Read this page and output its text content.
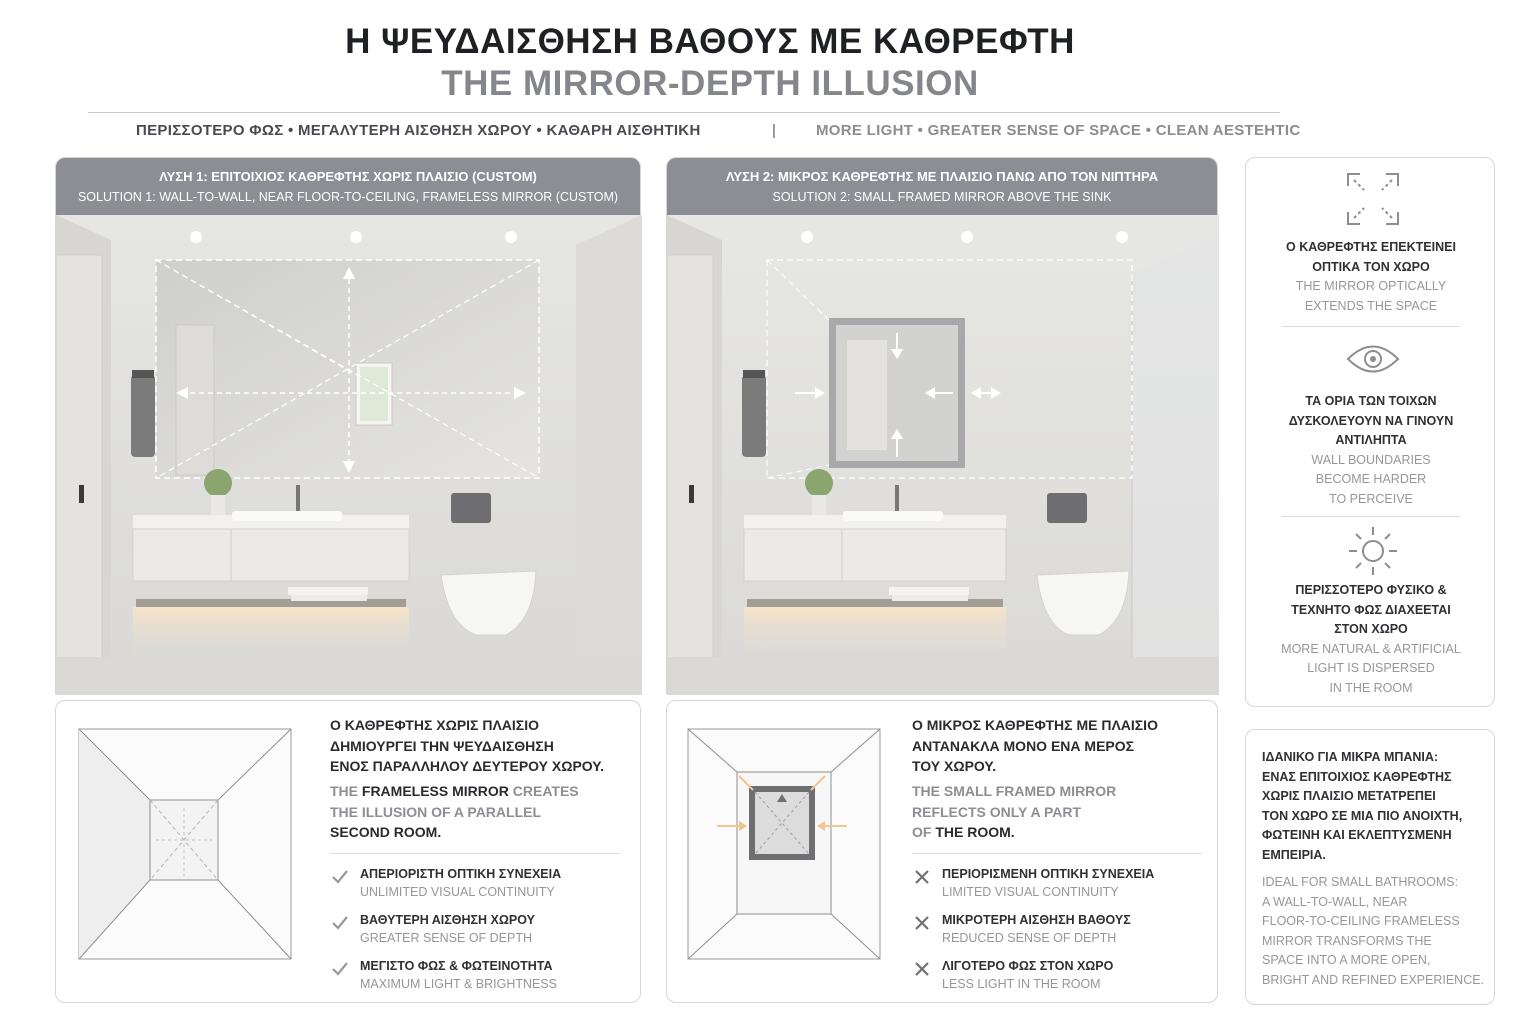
Η ΨΕΥΔΑΙΣΘΗΣΗ ΒΑΘΟΥΣ ΜΕ ΚΑΘΡΕΦΤΗ
THE MIRROR-DEPTH ILLUSION
ΠΕΡΙΣΣΟΤΕΡΟ ΦΩΣ • ΜΕΓΑΛΥΤΕΡΗ ΑΙΣΘΗΣΗ ΧΩΡΟΥ • ΚΑΘΑΡΗ ΑΙΣΘΗΤΙΚΗ	|	MORE LIGHT • GREATER SENSE OF SPACE • CLEAN AESTEHTIC
ΛΥΣΗ 1: ΕΠΙΤΟΙΧΙΟΣ ΚΑΘΡΕΦΤΗΣ ΧΩΡΙΣ ΠΛΑΙΣΙΟ (CUSTOM)
SOLUTION 1: WALL-TO-WALL, NEAR FLOOR-TO-CEILING, FRAMELESS MIRROR (CUSTOM)
Ο ΚΑΘΡΕΦΤΗΣ ΧΩΡΙΣ ΠΛΑΙΣΙΟ
ΔΗΜΙΟΥΡΓΕΙ ΤΗΝ ΨΕΥΔΑΙΣΘΗΣΗ
ΕΝΟΣ ΠΑΡΑΛΛΗΛΟΥ ΔΕΥΤΕΡΟΥ ΧΩΡΟΥ.
THE FRAMELESS MIRROR CREATES
THE ILLUSION OF A PARALLEL
SECOND ROOM.
ΑΠΕΡΙΟΡΙΣΤΗ ΟΠΤΙΚΗ ΣΥΝΕΧΕΙΑ
UNLIMITED VISUAL CONTINUITY
ΒΑΘΥΤΕΡΗ ΑΙΣΘΗΣΗ ΧΩΡΟΥ
GREATER SENSE OF DEPTH
ΜΕΓΙΣΤΟ ΦΩΣ & ΦΩΤΕΙΝΟΤΗΤΑ
MAXIMUM LIGHT & BRIGHTNESS
ΛΥΣΗ 2: ΜΙΚΡΟΣ ΚΑΘΡΕΦΤΗΣ ΜΕ ΠΛΑΙΣΙΟ ΠΑΝΩ ΑΠΟ ΤΟΝ ΝΙΠΤΗΡΑ
SOLUTION 2: SMALL FRAMED MIRROR ABOVE THE SINK
Ο ΜΙΚΡΟΣ ΚΑΘΡΕΦΤΗΣ ΜΕ ΠΛΑΙΣΙΟ
ΑΝΤΑΝΑΚΛΑ ΜΟΝΟ ΕΝΑ ΜΕΡΟΣ
ΤΟΥ ΧΩΡΟΥ.
THE SMALL FRAMED MIRROR
REFLECTS ONLY A PART
OF THE ROOM.
ΠΕΡΙΟΡΙΣΜΕΝΗ ΟΠΤΙΚΗ ΣΥΝΕΧΕΙΑ
LIMITED VISUAL CONTINUITY
ΜΙΚΡΟΤΕΡΗ ΑΙΣΘΗΣΗ ΒΑΘΟΥΣ
REDUCED SENSE OF DEPTH
ΛΙΓΟΤΕΡΟ ΦΩΣ ΣΤΟΝ ΧΩΡΟ
LESS LIGHT IN THE ROOM
Ο ΚΑΘΡΕΦΤΗΣ ΕΠΕΚΤΕΙΝΕΙ
ΟΠΤΙΚΑ ΤΟΝ ΧΩΡΟ
THE MIRROR OPTICALLY
EXTENDS THE SPACE
ΤΑ ΟΡΙΑ ΤΩΝ ΤΟΙΧΩΝ
ΔΥΣΚΟΛΕΥΟΥΝ ΝΑ ΓΙΝΟΥΝ
ΑΝΤΙΛΗΠΤΑ
WALL BOUNDARIES
BECOME HARDER
TO PERCEIVE
ΠΕΡΙΣΣΟΤΕΡΟ ΦΥΣΙΚΟ &
ΤΕΧΝΗΤΟ ΦΩΣ ΔΙΑΧΕΕΤΑΙ
ΣΤΟΝ ΧΩΡΟ
MORE NATURAL & ARTIFICIAL
LIGHT IS DISPERSED
IN THE ROOM
ΙΔΑΝΙΚΟ ΓΙΑ ΜΙΚΡΑ ΜΠΑΝΙΑ:
ΕΝΑΣ ΕΠΙΤΟΙΧΙΟΣ ΚΑΘΡΕΦΤΗΣ
ΧΩΡΙΣ ΠΛΑΙΣΙΟ ΜΕΤΑΤΡΕΠΕΙ
ΤΟΝ ΧΩΡΟ ΣΕ ΜΙΑ ΠΙΟ ΑΝΟΙΧΤΗ,
ΦΩΤΕΙΝΗ ΚΑΙ ΕΚΛΕΠΤΥΣΜΕΝΗ
ΕΜΠΕΙΡΙΑ.
IDEAL FOR SMALL BATHROOMS:
A WALL-TO-WALL, NEAR
FLOOR-TO-CEILING FRAMELESS
MIRROR TRANSFORMS THE
SPACE INTO A MORE OPEN,
BRIGHT AND REFINED EXPERIENCE.
